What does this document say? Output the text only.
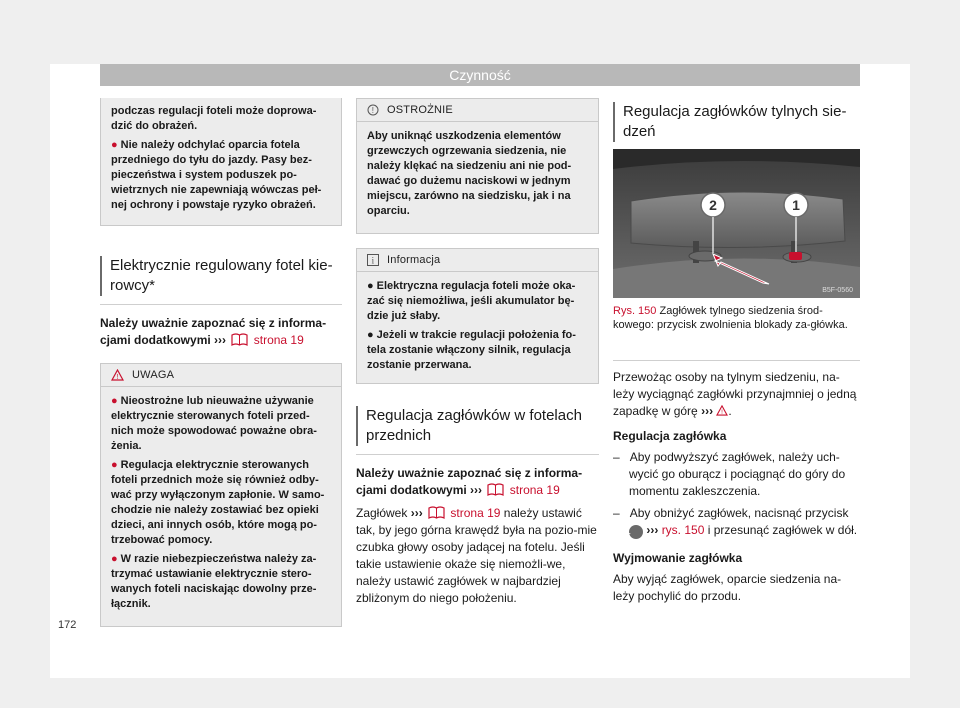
Czynność

podczas regulacji foteli może doprowa-
dzić do obrażeń.

● Nie należy odchylać oparcia fotela przedniego do tyłu do jazdy. Pasy bez-pieczeństwa i system poduszek po-wietrznych nie zapewniają wówczas peł-nej ochrony i powstaje ryzyko obrażeń.

Elektrycznie regulowany fotel kie-
rowcy*

Należy uważnie zapoznać się z informa-cjami dodatkowymi ››› strona 19

! UWAGA

● Nieostrożne lub nieuważne używanie elektrycznie sterowanych foteli przed-nich może spowodować poważne obra-żenia.

● Regulacja elektrycznie sterowanych foteli przednich może się również odby-wać przy wyłączonym zapłonie. W samo-chodzie nie należy zostawiać bez opieki dzieci, ani innych osób, które mogą po-trzebować pomocy.

● W razie niebezpieczeństwa należy za-trzymać ustawianie elektrycznie stero-wanych foteli naciskając dowolny prze-łącznik.

! OSTROŻNIE

Aby uniknąć uszkodzenia elementów grzewczych ogrzewania siedzenia, nie należy klękać na siedzeniu ani nie pod-dawać go dużemu naciskowi w jednym miejscu, zarówno na siedzisku, jak i na oparciu.

i Informacja

● Elektryczna regulacja foteli może oka-zać się niemożliwa, jeśli akumulator bę-dzie już słaby.

● Jeżeli w trakcie regulacji położenia fo-tela zostanie włączony silnik, regulacja zostanie przerwana.

Regulacja zagłówków w fotelach
przednich

Należy uważnie zapoznać się z informa-cjami dodatkowymi ››› strona 19

Zagłówek ››› strona 19 należy ustawić tak, by jego górna krawędź była na pozio-mie czubka głowy osoby jadącej na fotelu. Jeśli takie ustawienie okaże się niemożli-we, należy ustawić zagłówek w najbardziej zbliżonym do niego położeniu.

Regulacja zagłówków tylnych sie-
dzeń
2	1
B5F-0560
Rys. 150 Zagłówek tylnego siedzenia środ-kowego: przycisk zwolnienia blokady za-główka.

Przewożąc osoby na tylnym siedzeniu, na-leży wyciągnąć zagłówki przynajmniej o jedną zapadkę w górę ››› ! .

Regulacja zagłówka

– Aby podwyższyć zagłówek, należy uch-wycić go oburącz i pociągnąć do góry do momentu zakleszczenia.

– Aby obniżyć zagłówek, nacisnąć przycisk 1 ››› rys. 150 i przesunąć zagłówek w dół.

Wyjmowanie zagłówka

Aby wyjąć zagłówek, oparcie siedzenia na-leży pochylić do przodu.

172
